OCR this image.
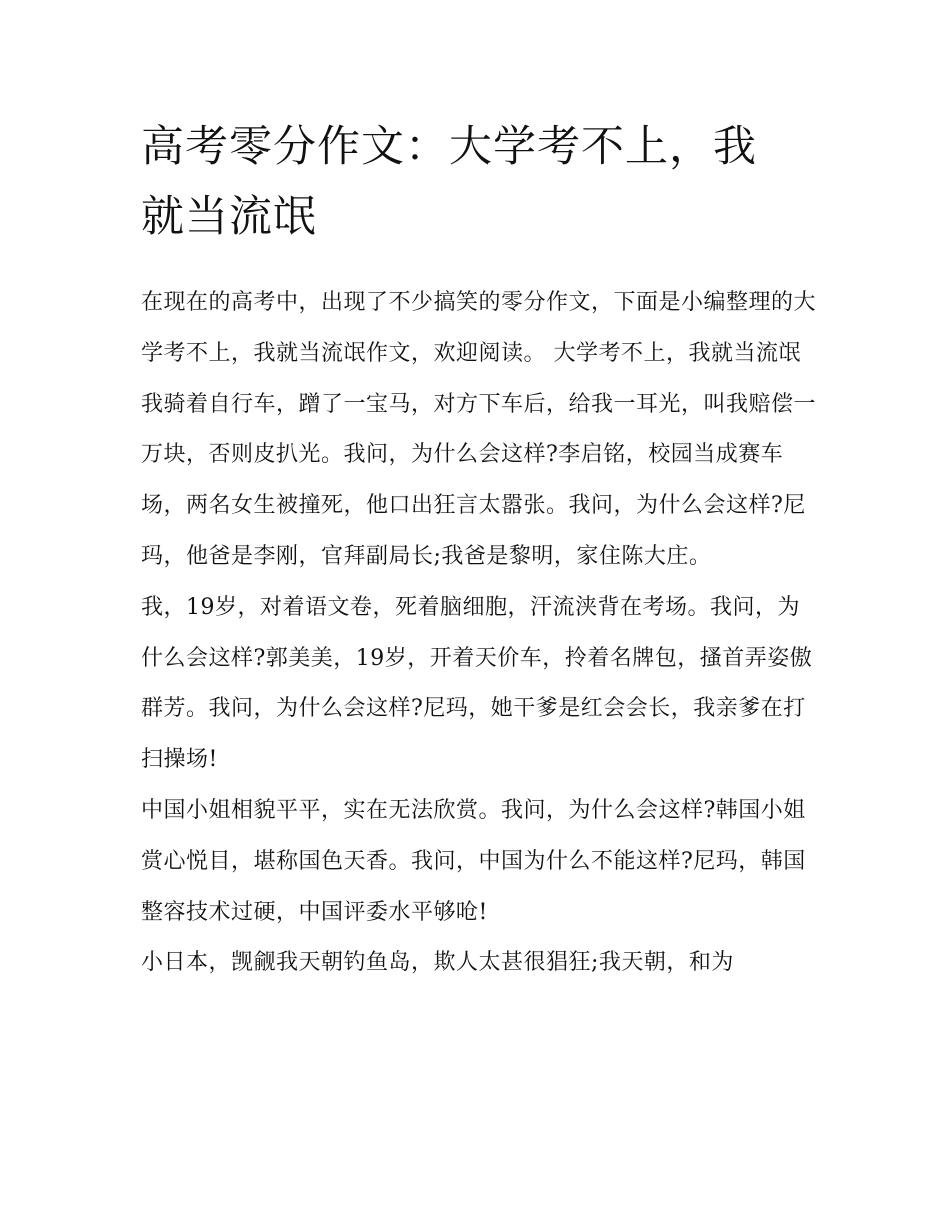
高考零分作文：大学考不上，我就当流氓

在现在的高考中，出现了不少搞笑的零分作文，下面是小编整理的大学考不上，我就当流氓作文，欢迎阅读。 大学考不上，我就当流氓

我骑着自行车，蹭了一宝马，对方下车后，给我一耳光，叫我赔偿一万块，否则皮扒光。我问，为什么会这样?李启铭，校园当成赛车场，两名女生被撞死，他口出狂言太嚣张。我问，为什么会这样?尼玛，他爸是李刚，官拜副局长;我爸是黎明，家住陈大庄。

我，19岁，对着语文卷，死着脑细胞，汗流浃背在考场。我问，为什么会这样?郭美美，19岁，开着天价车，拎着名牌包，搔首弄姿傲群芳。我问，为什么会这样?尼玛，她干爹是红会会长，我亲爹在打扫操场!

中国小姐相貌平平，实在无法欣赏。我问，为什么会这样?韩国小姐赏心悦目，堪称国色天香。我问，中国为什么不能这样?尼玛，韩国整容技术过硬，中国评委水平够呛!

小日本，觊觎我天朝钓鱼岛，欺人太甚很猖狂;我天朝，和为
